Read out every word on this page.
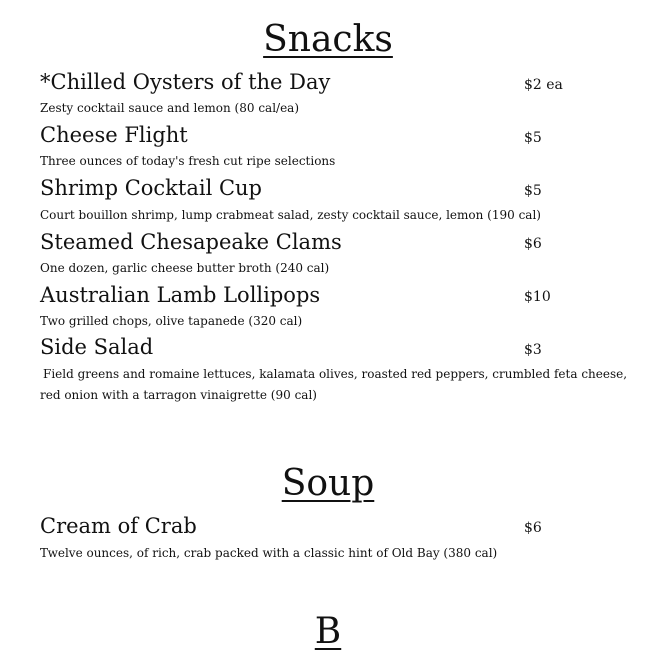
Snacks
*Chilled Oysters of the Day	$2 ea
Zesty cocktail sauce and lemon (80 cal/ea)
Cheese Flight	$5
Three ounces of today's fresh cut ripe selections
Shrimp Cocktail Cup	$5
Court bouillon shrimp, lump crabmeat salad, zesty cocktail sauce, lemon (190 cal)
Steamed Chesapeake Clams	$6
One dozen, garlic cheese butter broth (240 cal)
Australian Lamb Lollipops	$10
Two grilled chops, olive tapanede (320 cal)
Side Salad	$3
Field greens and romaine lettuces, kalamata olives, roasted red peppers, crumbled feta cheese,
red onion with a tarragon vinaigrette (90 cal)
Soup
Cream of Crab	$6
Twelve ounces, of rich, crab packed with a classic hint of Old Bay (380 cal)
B
